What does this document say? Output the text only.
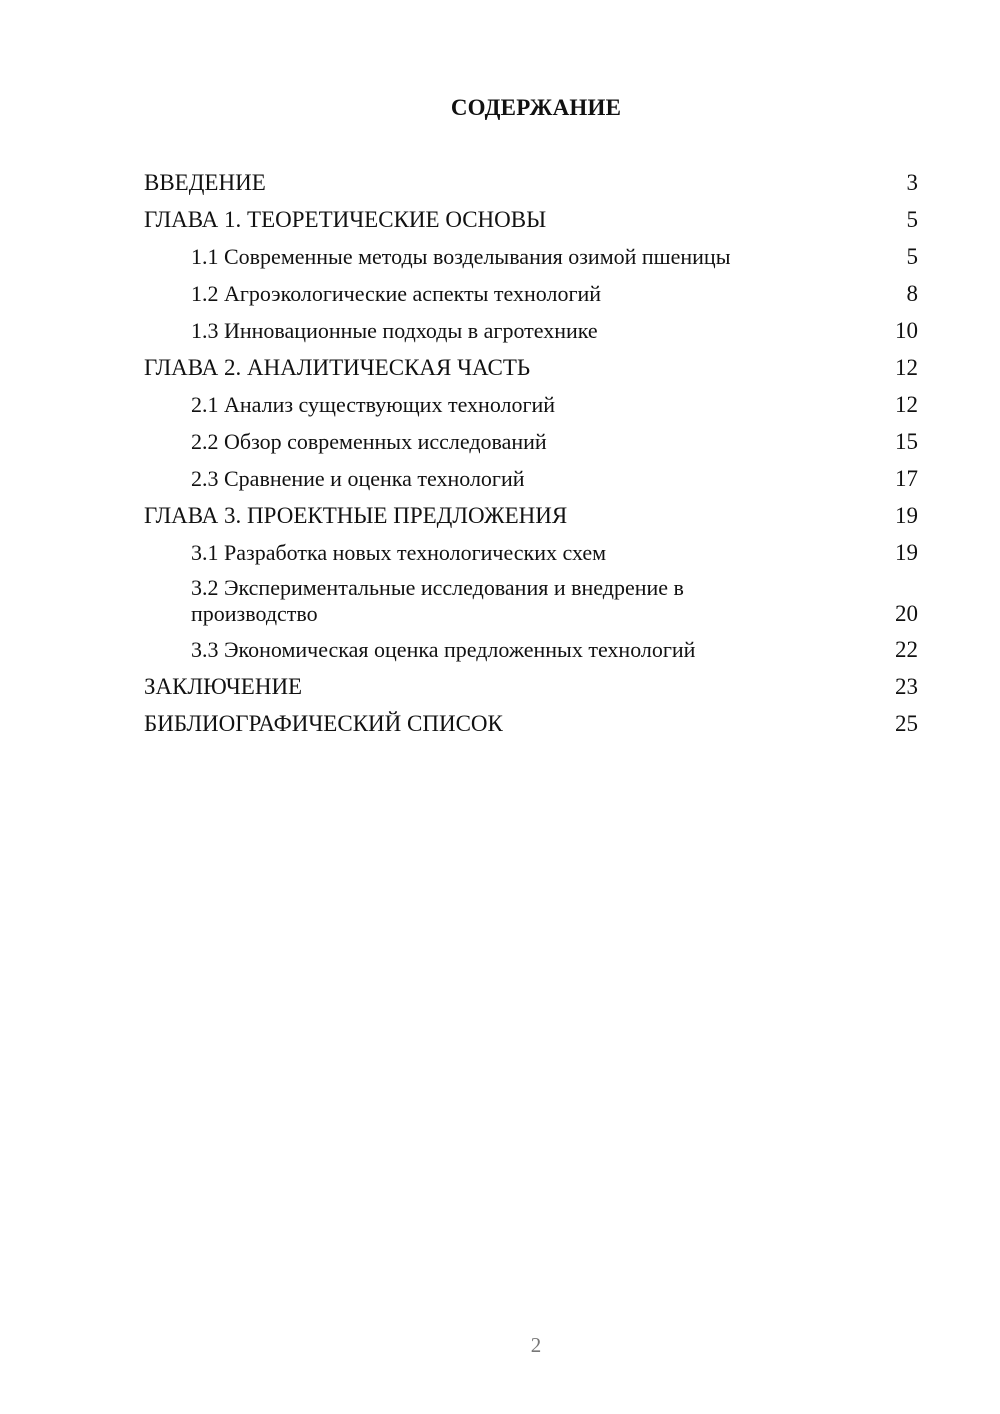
СОДЕРЖАНИЕ
ВВЕДЕНИЕ	3
ГЛАВА 1. ТЕОРЕТИЧЕСКИЕ ОСНОВЫ	5
1.1 Современные методы возделывания озимой пшеницы	5
1.2 Агроэкологические аспекты технологий	8
1.3 Инновационные подходы в агротехнике	10
ГЛАВА 2. АНАЛИТИЧЕСКАЯ ЧАСТЬ	12
2.1 Анализ существующих технологий	12
2.2 Обзор современных исследований	15
2.3 Сравнение и оценка технологий	17
ГЛАВА 3. ПРОЕКТНЫЕ ПРЕДЛОЖЕНИЯ	19
3.1 Разработка новых технологических схем	19
3.2 Экспериментальные исследования и внедрение в производство	20
3.3 Экономическая оценка предложенных технологий	22
ЗАКЛЮЧЕНИЕ	23
БИБЛИОГРАФИЧЕСКИЙ СПИСОК	25
2
